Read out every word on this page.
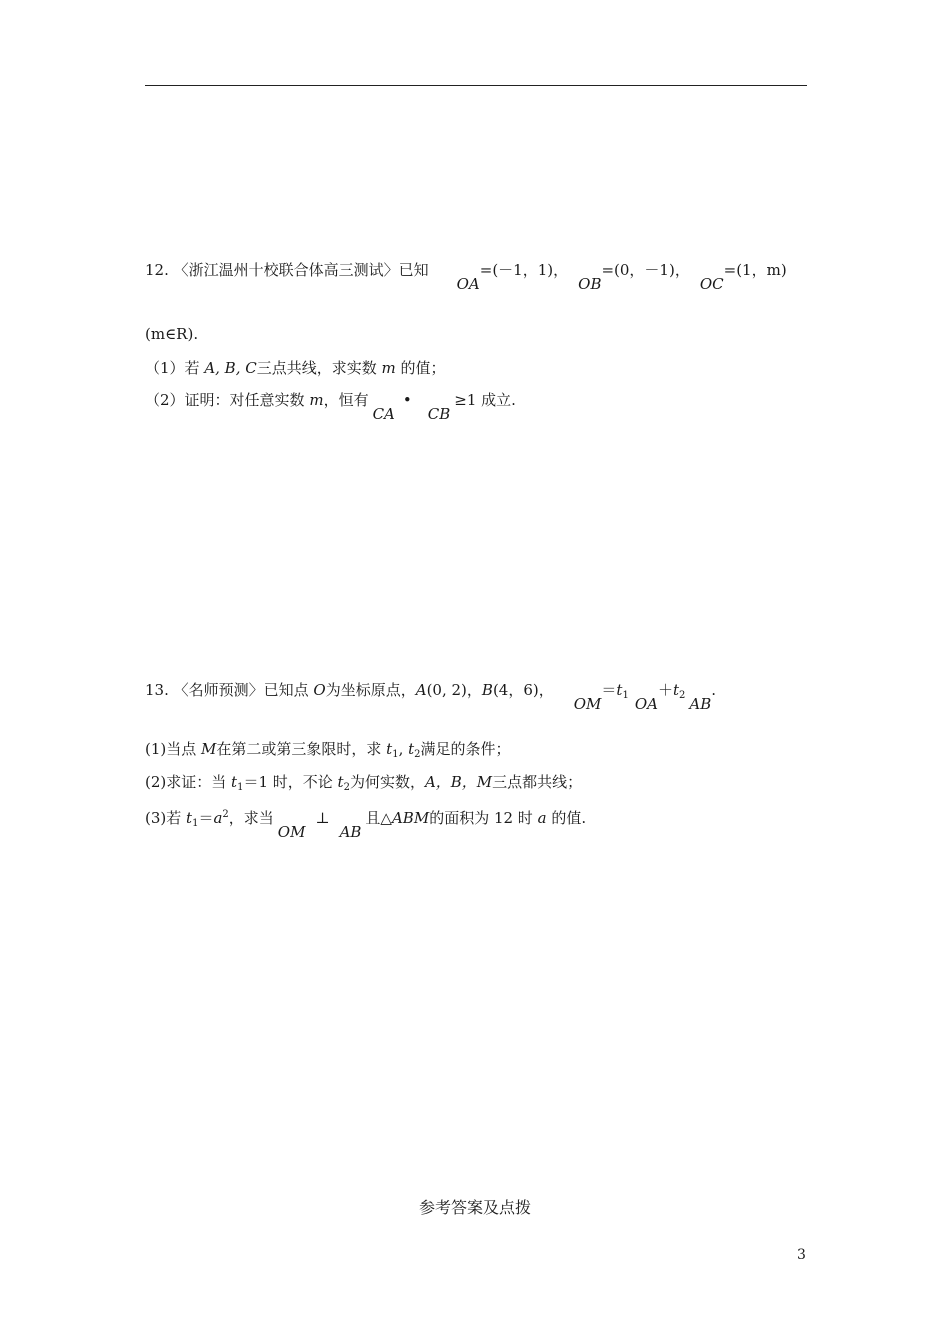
12. 〈浙江温州十校联合体高三测试〉已知OA=(－1，1)，OB=(0，－1)，OC=(1，m)
(m∈R).
（1）若 A, B, C三点共线，求实数 m 的值；
（2）证明：对任意实数 m，恒有CA•CB≥1 成立.
13. 〈名师预测〉已知点 O为坐标原点，A(0, 2)，B(4，6)，$OM=t_1$ $OA+t_2$ AB.
(1)当点 M在第二或第三象限时，求 $t_1$, $t_2$满足的条件；
(2)求证：当 $t_1=1$ 时，不论 $t_2$为何实数，A，B，M三点都共线；
(3)若 $t_1=a^2$，求当OM⊥AB且△ABM的面积为 12 时 a 的值.
参考答案及点拨
3
